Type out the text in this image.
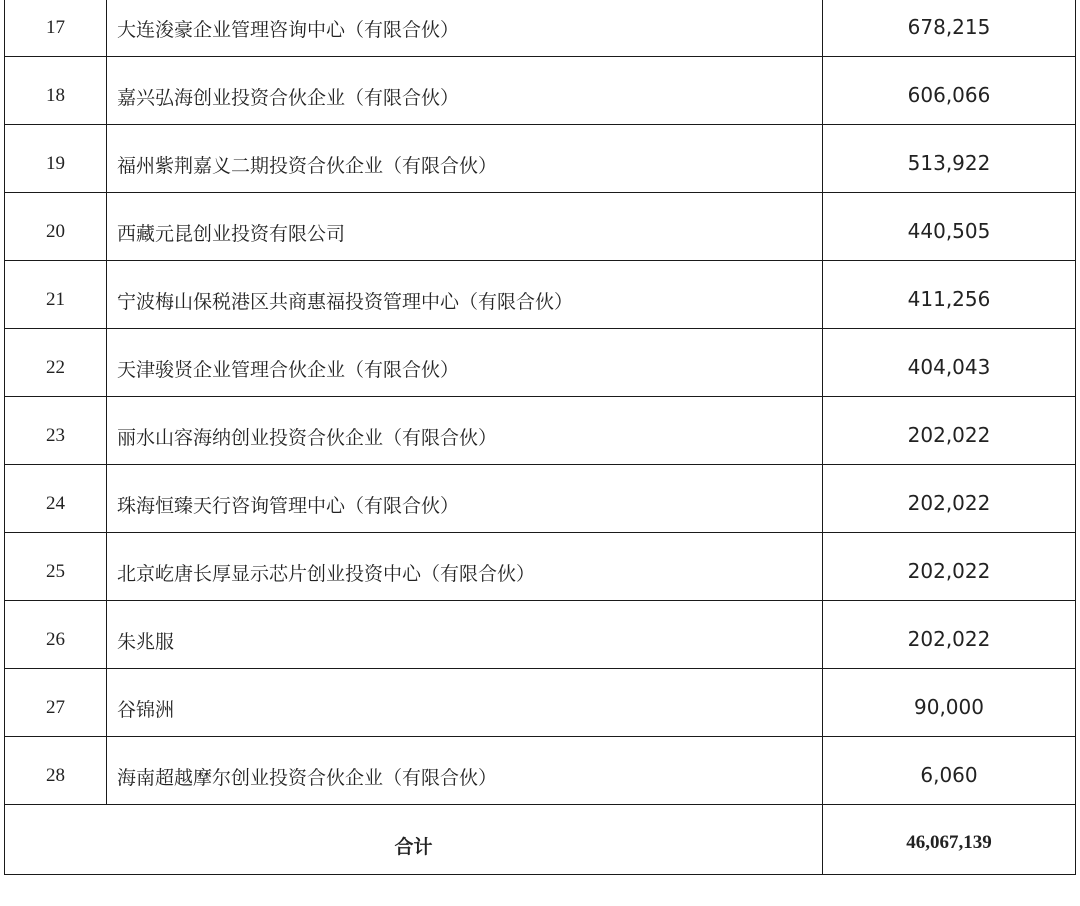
17	大连浚豪企业管理咨询中心（有限合伙）	678,215
18	嘉兴弘海创业投资合伙企业（有限合伙）	606,066
19	福州紫荆嘉义二期投资合伙企业（有限合伙）	513,922
20	西藏元昆创业投资有限公司	440,505
21	宁波梅山保税港区共商惠福投资管理中心（有限合伙）	411,256
22	天津骏贤企业管理合伙企业（有限合伙）	404,043
23	丽水山容海纳创业投资合伙企业（有限合伙）	202,022
24	珠海恒臻天行咨询管理中心（有限合伙）	202,022
25	北京屹唐长厚显示芯片创业投资中心（有限合伙）	202,022
26	朱兆服	202,022
27	谷锦洲	90,000
28	海南超越摩尔创业投资合伙企业（有限合伙）	6,060
合计		46,067,139
